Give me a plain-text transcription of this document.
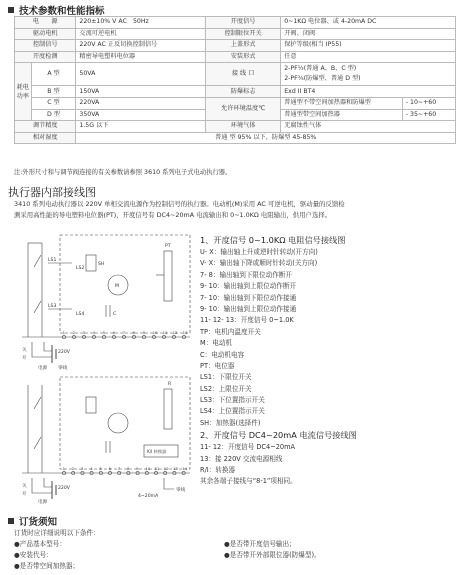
技术参数和性能指标
电　　源		220±10% V AC　50Hz	开度信号	0~1KΩ 电位器、或 4-20mA DC	
驱动电机		交流可逆电机	控制限位开关	开阀、闭阀	
控制信号		220V AC 正反切换控制信号	上盖形式	保护等级(相当 IP55)	
开度检测		精密导电塑料电位器	安装形式	任意	
耗电功率	A 型	50VA	接 线 口	2-PF½(普通 A、B、C 型)
2-PF¾(防爆型、普通 D 型)	

	B 型	150VA	防爆标志	Exd II BT4	
	C 型	220VA	允许环境温度℃	普通型不带空间加热器和防爆型	- 10~+60
	D 型	350VA		普通型带空间加热器	- 35~+60
调节精度		1.5G 以下	环境气体	无腐蚀性气体	
相对湿度		普通 型 95% 以下，防爆型 45-85%			
注:外形尺寸和与调节阀连接的有关参数请参照 3610 系列电子式电动执行器。
执行器内部接线图
3410 系列电动执行器以 220V 单相交流电源作为控制信号的执行器。电动机(M)采用 AC 可逆电机，驱动量的反馈检
测采用高性能的导电塑料电位器(PT)，开度信号有 DC4~20mA 电流输出和 0~1.0KΩ 电阻输出，供用户选择。
1 2 3 4 5 6 7 8 9 10 11 12 13
LS1
LS3
LS2
LS4
SH
M
C
PT
开
关	220V
电源 零线
1 2 3 4 5 6 7 8 9 10 11 12 13 14
K/I 转换器
R
开
关	220V
电源
4~20mA
零线
1、开度信号 0~1.0KΩ 电阻信号接线图
U- X：输出轴上升或逆时针转动(开方向)
V- X：输出轴下降或顺时针转动(关方向)
7- 8：输出轴到下限位动作断开
9- 10：输出轴到上限位动作断开
7- 10：输出轴到下限位动作接通
9- 10：输出轴到上限位动作接通
11- 12- 13：开度信号 0~1.0K
TP：电机内温度开关
M：电动机
C：电动机电容
PT：电位器
LS1：下限位开关
LS2：上限位开关
LS3：下位置指示开关
LS4：上位置指示开关
SH：加热器(选择件)
2、开度信号 DC4~20mA 电流信号接线图
11- 12：开度信号 DC4~20mA
13：接 220V 交流电源相线
R/I：转换器
其余各端子接线与“8-1”项相同。
订货须知
订货时应详细说明以下条件：
●产品基本型号：	●是否带开度信号输出；
●安装代号：	●是否带开外部限位器(防爆型)。
●是否带空间加热器；
